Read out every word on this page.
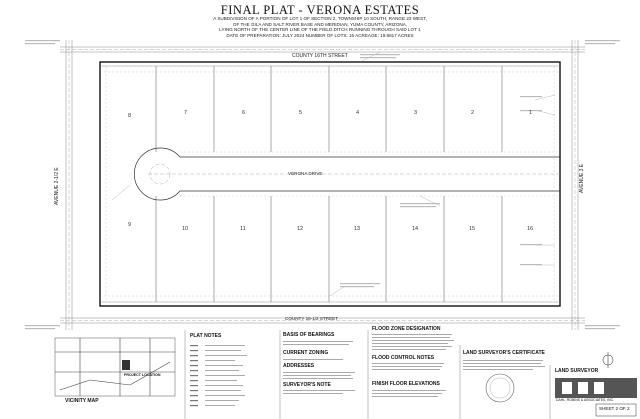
FINAL PLAT - VERONA ESTATES
A SUBDIVISION OF A PORTION OF LOT 1 OF SECTION 2, TOWNSHIP 10 SOUTH, RANGE 23 WEST,
OF THE GILA AND SALT RIVER BASE AND MERIDIAN, YUMA COUNTY, ARIZONA,
LYING NORTH OF THE CENTER LINE OF THE FIELD DITCH RUNNING THROUGH SAID LOT 1
DATE OF PREPARATION: JULY 2024 NUMBER OF LOTS: 16 ACREAGE: 19.8817 ACRES
COUNTY 16TH STREET
COUNTY 16-1/2 STREET
VERONA DRIVE
AVENUE 2-1/2 E	AVENUE 3 E
8	7	6	5	4	3	2	1
9
10	11	12	13	14	15	16
PLAT NOTES	BASIS OF BEARINGS
CURRENT ZONING
ADDRESSES
SURVEYOR'S NOTE
FLOOD ZONE DESIGNATION
FLOOD CONTROL NOTES
FINISH FLOOR ELEVATIONS
LAND SURVEYOR'S CERTIFICATE
LAND SURVEYOR
VICINITY MAP
PROJECT LOCATION
DAHL, ROBINS & ASSOCIATES, INC.
SHEET 2 OF 2
